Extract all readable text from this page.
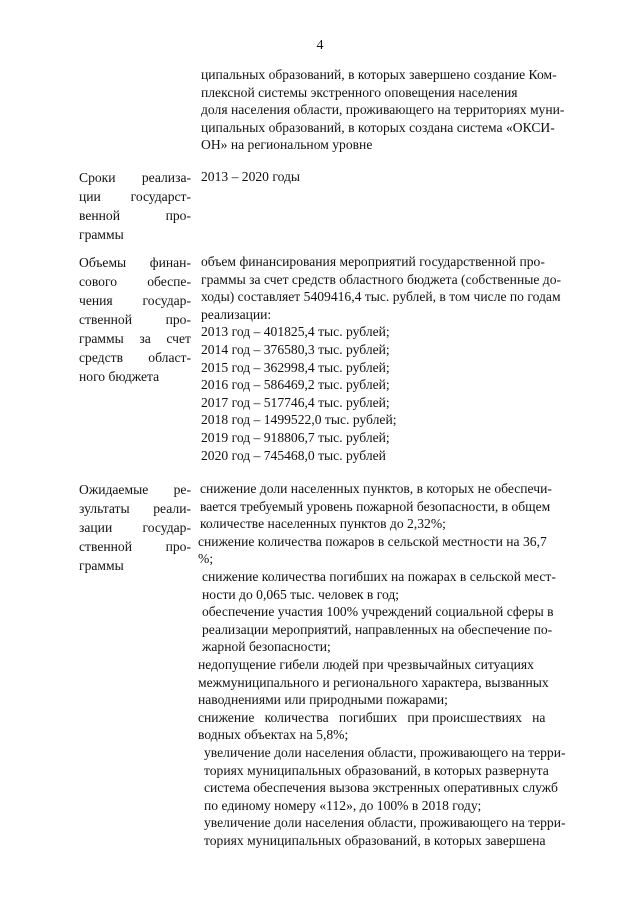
4
ципальных образований, в которых завершено создание Ком-
плексной системы экстренного оповещения населения
доля населения области, проживающего на территориях муни-
ципальных образований, в которых создана система «ОКСИ-
ОН» на региональном уровне
Сроки реализа-
ции государст-
венной про-
граммы
2013 – 2020 годы
Объемы финан-
сового обеспе-
чения государ-
ственной про-
граммы за счет
средств област-
ного бюджета
объем финансирования мероприятий государственной про-
граммы за счет средств областного бюджета (собственные до-
ходы) составляет 5409416,4 тыс. рублей, в том числе по годам
реализации:
2013 год – 401825,4 тыс. рублей;
2014 год – 376580,3 тыс. рублей;
2015 год – 362998,4 тыс. рублей;
2016 год – 586469,2 тыс. рублей;
2017 год – 517746,4 тыс. рублей;
2018 год – 1499522,0 тыс. рублей;
2019 год – 918806,7 тыс. рублей;
2020 год – 745468,0 тыс. рублей
Ожидаемые ре-
зультаты реали-
зации государ-
ственной про-
граммы

снижение доли населенных пунктов, в которых не обеспечи-
вается требуемый уровень пожарной безопасности, в общем
количестве населенных пунктов до 2,32%;

снижение количества пожаров в сельской местности на 36,7
%;

снижение количества погибших на пожарах в сельской мест-
ности до 0,065 тыс. человек в год;

обеспечение участия 100% учреждений социальной сферы в
реализации мероприятий, направленных на обеспечение по-
жарной безопасности;

недопущение гибели людей при чрезвычайных ситуациях
межмуниципального и регионального характера, вызванных
наводнениями или природными пожарами;

снижение   количества   погибших   при происшествиях   на
водных объектах на 5,8%;

увеличение доли населения области, проживающего на терри-
ториях муниципальных образований, в которых развернута
система обеспечения вызова экстренных оперативных служб
по единому номеру «112», до 100% в 2018 году;

увеличение доли населения области, проживающего на терри-
ториях муниципальных образований, в которых завершена
